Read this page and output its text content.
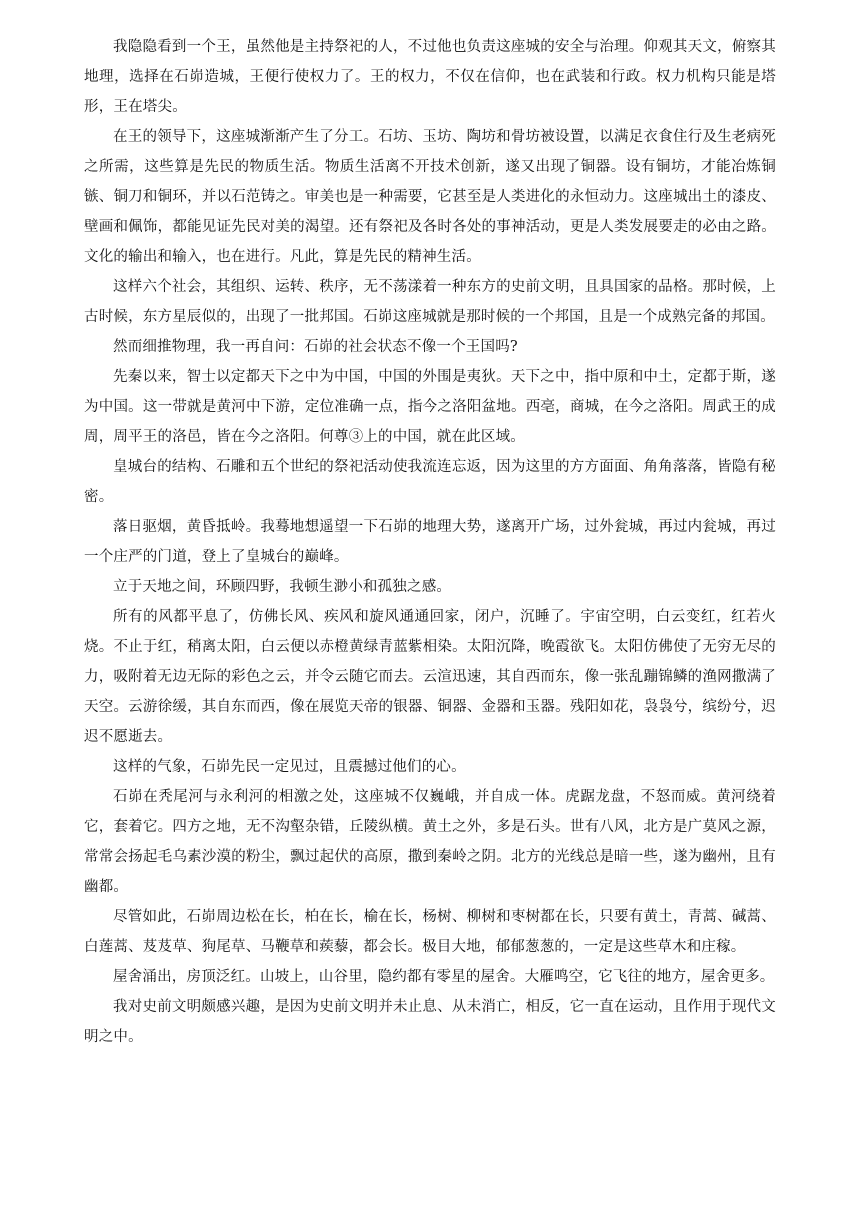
我隐隐看到一个王，虽然他是主持祭祀的人，不过他也负责这座城的安全与治理。仰观其天文，俯察其地理，选择在石峁造城，王便行使权力了。王的权力，不仅在信仰，也在武装和行政。权力机构只能是塔形，王在塔尖。

在王的领导下，这座城渐渐产生了分工。石坊、玉坊、陶坊和骨坊被设置，以满足衣食住行及生老病死之所需，这些算是先民的物质生活。物质生活离不开技术创新，遂又出现了铜器。设有铜坊，才能冶炼铜镞、铜刀和铜环，并以石范铸之。审美也是一种需要，它甚至是人类进化的永恒动力。这座城出土的漆皮、壁画和佩饰，都能见证先民对美的渴望。还有祭祀及各时各处的事神活动，更是人类发展要走的必由之路。文化的输出和输入，也在进行。凡此，算是先民的精神生活。

这样六个社会，其组织、运转、秩序，无不荡漾着一种东方的史前文明，且具国家的品格。那时候，上古时候，东方星辰似的，出现了一批邦国。石峁这座城就是那时候的一个邦国，且是一个成熟完备的邦国。

然而细推物理，我一再自问：石峁的社会状态不像一个王国吗?

先秦以来，智士以定都天下之中为中国，中国的外围是夷狄。天下之中，指中原和中土，定都于斯，遂为中国。这一带就是黄河中下游，定位准确一点，指今之洛阳盆地。西亳，商城，在今之洛阳。周武王的成周，周平王的洛邑，皆在今之洛阳。何尊③上的中国，就在此区域。

皇城台的结构、石雕和五个世纪的祭祀活动使我流连忘返，因为这里的方方面面、角角落落，皆隐有秘密。

落日驱烟，黄昏抵岭。我蓦地想遥望一下石峁的地理大势，遂离开广场，过外瓮城，再过内瓮城，再过一个庄严的门道，登上了皇城台的巅峰。

立于天地之间，环顾四野，我顿生渺小和孤独之感。

所有的风都平息了，仿佛长风、疾风和旋风通通回家，闭户，沉睡了。宇宙空明，白云变红，红若火烧。不止于红，稍离太阳，白云便以赤橙黄绿青蓝紫相染。太阳沉降，晚霞欲飞。太阳仿佛使了无穷无尽的力，吸附着无边无际的彩色之云，并令云随它而去。云渲迅速，其自西而东，像一张乱蹦锦鳞的渔网撒满了天空。云游徐缓，其自东而西，像在展览天帝的银器、铜器、金器和玉器。残阳如花，袅袅兮，缤纷兮，迟迟不愿逝去。

这样的气象，石峁先民一定见过，且震撼过他们的心。

石峁在秃尾河与永利河的相激之处，这座城不仅巍峨，并自成一体。虎踞龙盘，不怒而威。黄河绕着它，套着它。四方之地，无不沟壑杂错，丘陵纵横。黄土之外，多是石头。世有八风，北方是广莫风之源，常常会扬起毛乌素沙漠的粉尘，飘过起伏的高原，撒到秦岭之阴。北方的光线总是暗一些，遂为幽州，且有幽都。

尽管如此，石峁周边松在长，柏在长，榆在长，杨树、柳树和枣树都在长，只要有黄土，青蒿、碱蒿、白莲蒿、芨芨草、狗尾草、马鞭草和蒺藜，都会长。极目大地，郁郁葱葱的，一定是这些草木和庄稼。

屋舍涌出，房顶泛红。山坡上，山谷里，隐约都有零星的屋舍。大雁鸣空，它飞往的地方，屋舍更多。

我对史前文明颇感兴趣，是因为史前文明并未止息、从未消亡，相反，它一直在运动，且作用于现代文明之中。
